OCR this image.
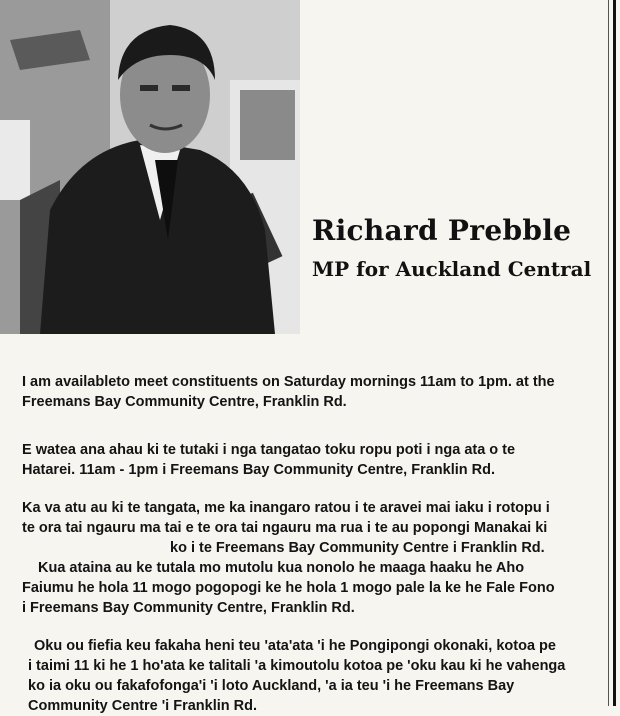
Richard Prebble
MP for Auckland Central
I am availableto meet constituents on Saturday mornings 11am to 1pm. at the
Freemans Bay Community Centre, Franklin Rd.
E watea ana ahau ki te tutaki i nga tangatao toku ropu poti i nga ata o te
Hatarei. 11am - 1pm i Freemans Bay Community Centre, Franklin Rd.
Ka va atu au ki te tangata, me ka inangaro ratou i te aravei mai iaku i rotopu i
te ora tai ngauru ma tai e te ora tai ngauru ma rua i te au popongi Manakai ki
ko i te Freemans Bay Community Centre i Franklin Rd.
Kua ataina au ke tutala mo mutolu kua nonolo he maaga haaku he Aho
Faiumu he hola 11 mogo pogopogi ke he hola 1 mogo pale la ke he Fale Fono
i Freemans Bay Community Centre, Franklin Rd.
Oku ou fiefia keu fakaha heni teu 'ata'ata 'i he Pongipongi okonaki, kotoa pe
i taimi 11 ki he 1 ho'ata ke talitali 'a kimoutolu kotoa pe 'oku kau ki he vahenga
ko ia oku ou fakafofonga'i 'i loto Auckland, 'a ia teu 'i he Freemans Bay
Community Centre 'i Franklin Rd.
